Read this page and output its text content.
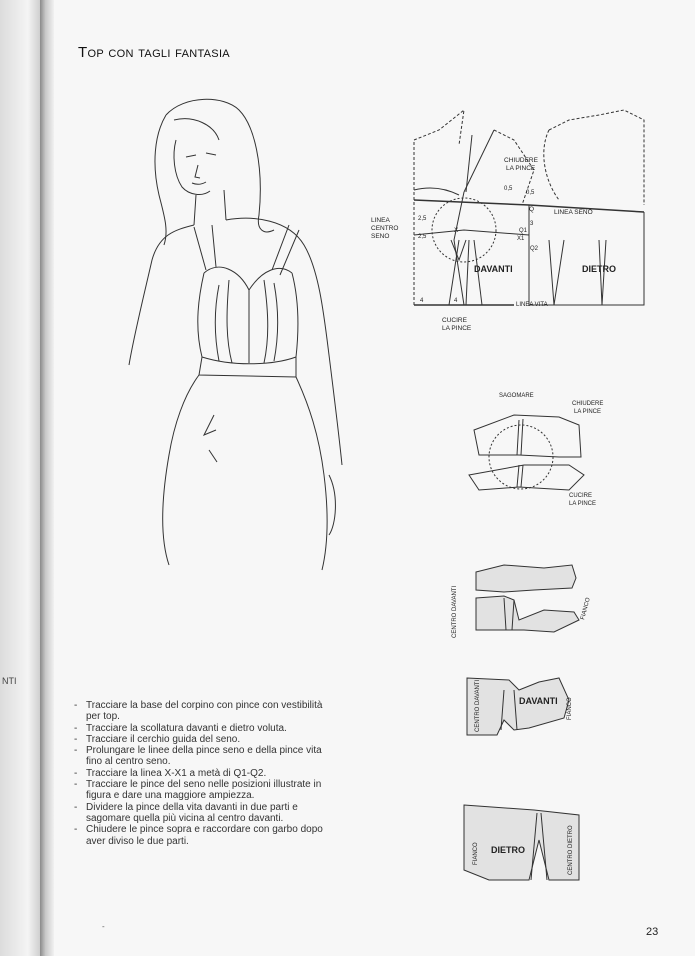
NTI
Top con tagli fantasia
CHIUDERE
LA PINCE
0,5
0,5
LINEA
CENTRO
SENO
2,5
2,5
3
Q
Q1
Q2
X
X1
LINEA SENO
DAVANTI	DIETRO
4	4
LINEA VITA
CUCIRE
LA PINCE
SAGOMARE
CHIUDERE
LA PINCE
CUCIRE
LA PINCE
CENTRO DAVANTI	FIANCO
CENTRO DAVANTI	DAVANTI FIANCO
FIANCO DIETRO	CENTRO DIETRO
- Tracciare la base del corpino con pince con vestibilità per top.
- Tracciare la scollatura davanti e dietro voluta.
- Tracciare il cerchio guida del seno.
- Prolungare le linee della pince seno e della pince vita fino al centro seno.
- Tracciare la linea X-X1 a metà di Q1-Q2.
- Tracciare le pince del seno nelle posizioni illustrate in figura e dare una maggiore ampiezza.
- Dividere la pince della vita davanti in due parti e sagomare quella più vicina al centro davanti.
- Chiudere le pince sopra e raccordare con garbo dopo aver diviso le due parti.
-	23
